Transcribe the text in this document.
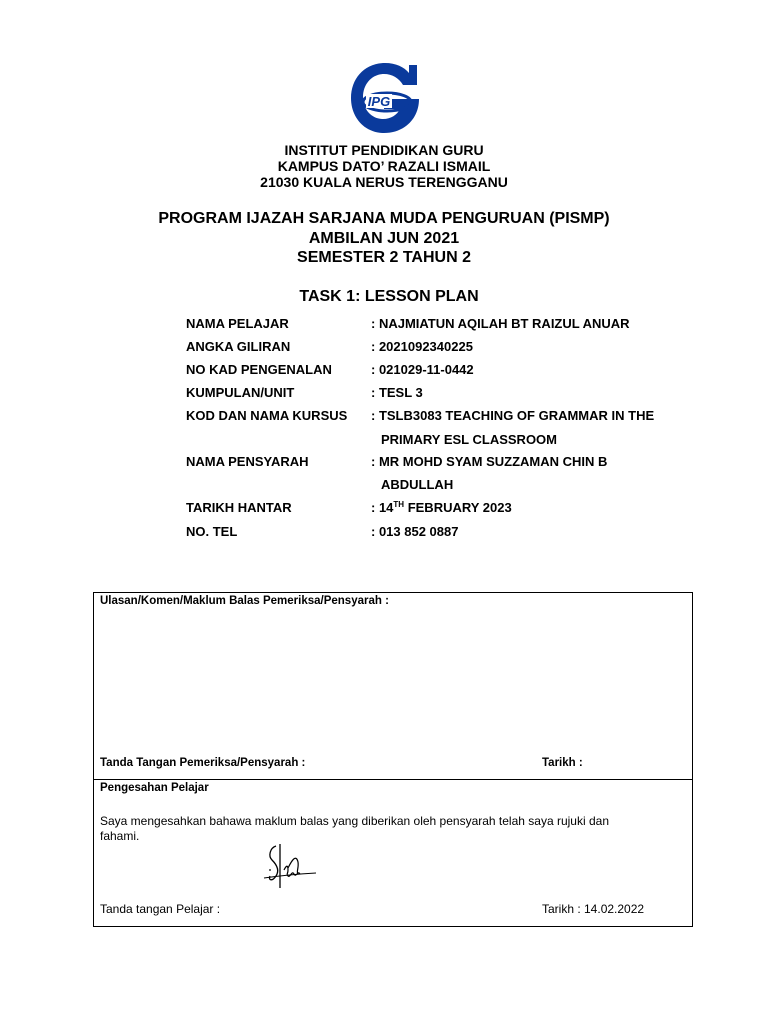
IPG
INSTITUT PENDIDIKAN GURU
KAMPUS DATO’ RAZALI ISMAIL
21030 KUALA NERUS TERENGGANU
PROGRAM IJAZAH SARJANA MUDA PENGURUAN (PISMP)
AMBILAN JUN 2021
SEMESTER 2 TAHUN 2
TASK 1: LESSON PLAN
NAMA PELAJAR	: NAJMIATUN AQILAH BT RAIZUL ANUAR
ANGKA GILIRAN	: 2021092340225
NO KAD PENGENALAN	: 021029-11-0442
KUMPULAN/UNIT	: TESL 3
KOD DAN NAMA KURSUS : TSLB3083 TEACHING OF GRAMMAR IN THE
PRIMARY ESL CLASSROOM
NAMA PENSYARAH	: MR MOHD SYAM SUZZAMAN CHIN B
ABDULLAH
TARIKH HANTAR	: 14TH FEBRUARY 2023
NO. TEL	: 013 852 0887
Ulasan/Komen/Maklum Balas Pemeriksa/Pensyarah :
Tanda Tangan Pemeriksa/Pensyarah :	Tarikh :
Pengesahan Pelajar
Saya mengesahkan bahawa maklum balas yang diberikan oleh pensyarah telah saya rujuki dan
fahami.
Tanda tangan Pelajar :	Tarikh : 14.02.2022
